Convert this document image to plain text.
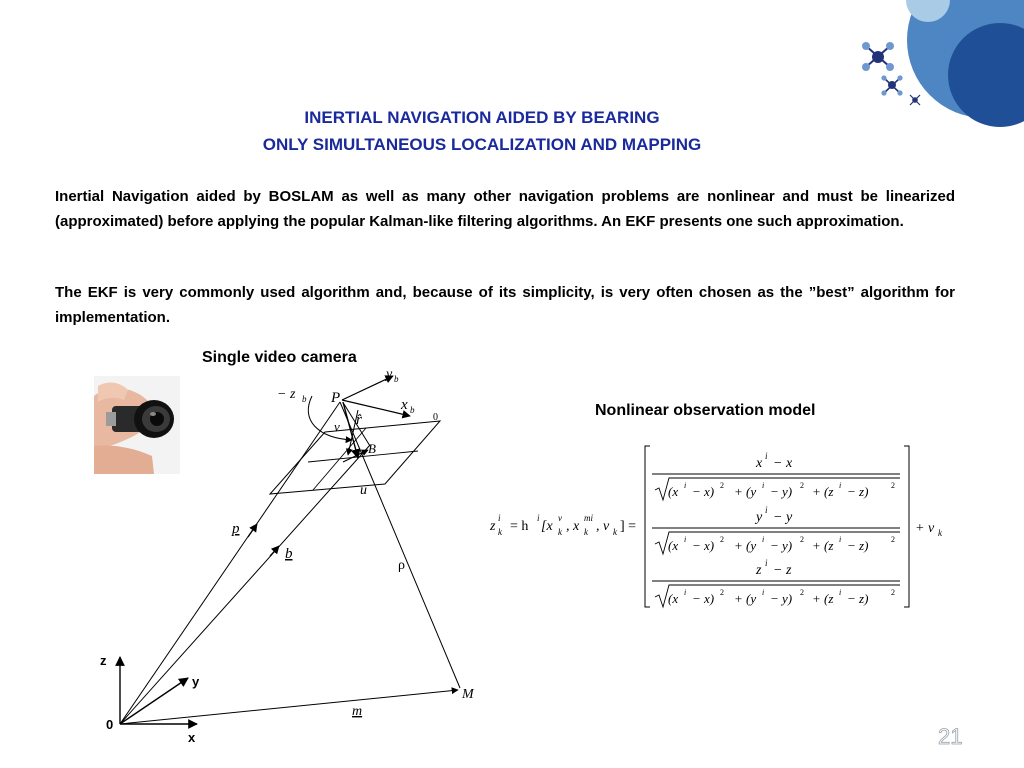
INERTIAL NAVIGATION AIDED BY BEARING
ONLY SIMULTANEOUS LOCALIZATION AND MAPPING
Inertial Navigation aided by BOSLAM as well as many other navigation problems are nonlinear and must be linearized (approximated) before applying the popular Kalman-like filtering algorithms. An EKF presents one such approximation.
The EKF is very commonly used algorithm and, because of its simplicity, is very often chosen as the ”best” algorithm for implementation.
Single video camera
Nonlinear observation model
− z b P
y b
x b
0
r̂
v
B
u
p
b
ρ
M
m
z
y
x
0
z
i
k = h
i
[x
v
k , x
mi
k , v k ] =
x i − x
(x i − x) 2 + (y i − y) 2 + (z i − z)	2
y i − y
(x i − x) 2 + (y i − y) 2 + (z i − z)	2
z i − z
(x i − x) 2 + (y i − y) 2 + (z i − z)	2
+ v k
21
